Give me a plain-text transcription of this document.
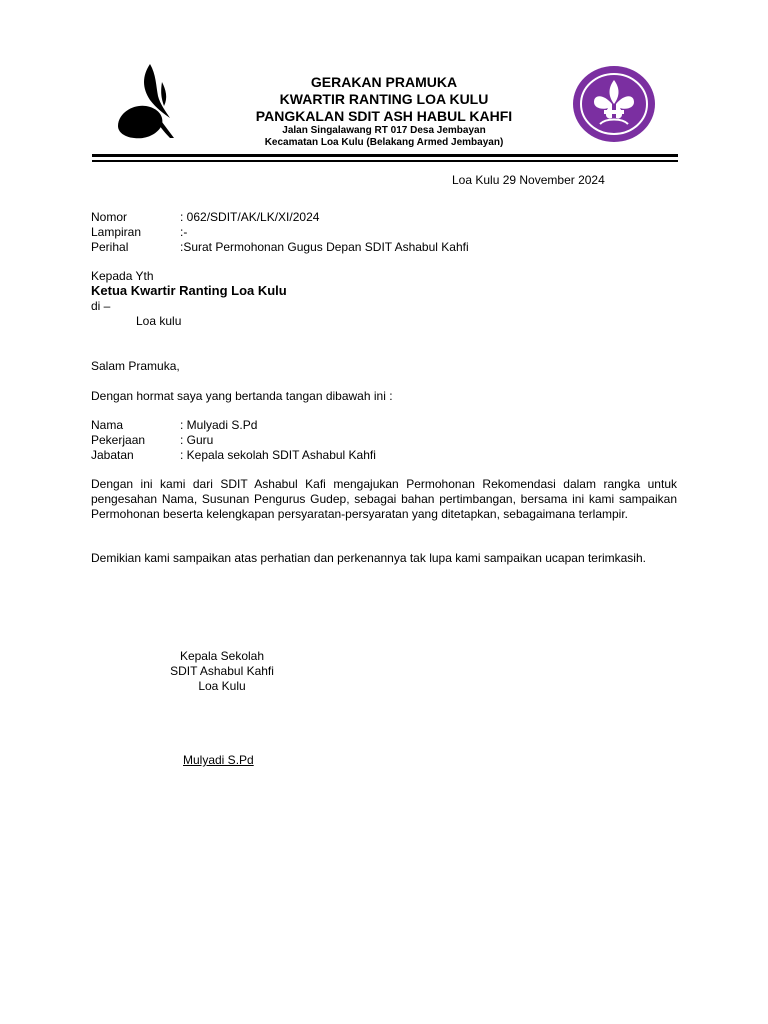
GERAKAN PRAMUKA
KWARTIR RANTING LOA KULU
PANGKALAN SDIT ASH HABUL KAHFI
Jalan Singalawang RT 017 Desa Jembayan
Kecamatan Loa Kulu (Belakang Armed Jembayan)
Loa Kulu 29 November 2024
Nomor	: 062/SDIT/AK/LK/XI/2024
Lampiran	:-
Perihal	:Surat Permohonan Gugus Depan SDIT Ashabul Kahfi
Kepada Yth
Ketua Kwartir Ranting Loa Kulu
di –
Loa kulu
Salam Pramuka,
Dengan hormat saya yang bertanda tangan dibawah ini :
Nama	: Mulyadi S.Pd
Pekerjaan	: Guru
Jabatan	: Kepala sekolah SDIT Ashabul Kahfi
Dengan ini kami dari SDIT Ashabul Kafi mengajukan Permohonan Rekomendasi dalam rangka untuk pengesahan Nama, Susunan Pengurus Gudep, sebagai bahan pertimbangan, bersama ini kami sampaikan Permohonan beserta kelengkapan persyaratan-persyaratan yang ditetapkan, sebagaimana terlampir.
Demikian kami sampaikan atas perhatian dan perkenannya tak lupa kami sampaikan ucapan terimkasih.
Kepala Sekolah
SDIT Ashabul Kahfi
Loa Kulu
Mulyadi S.Pd
